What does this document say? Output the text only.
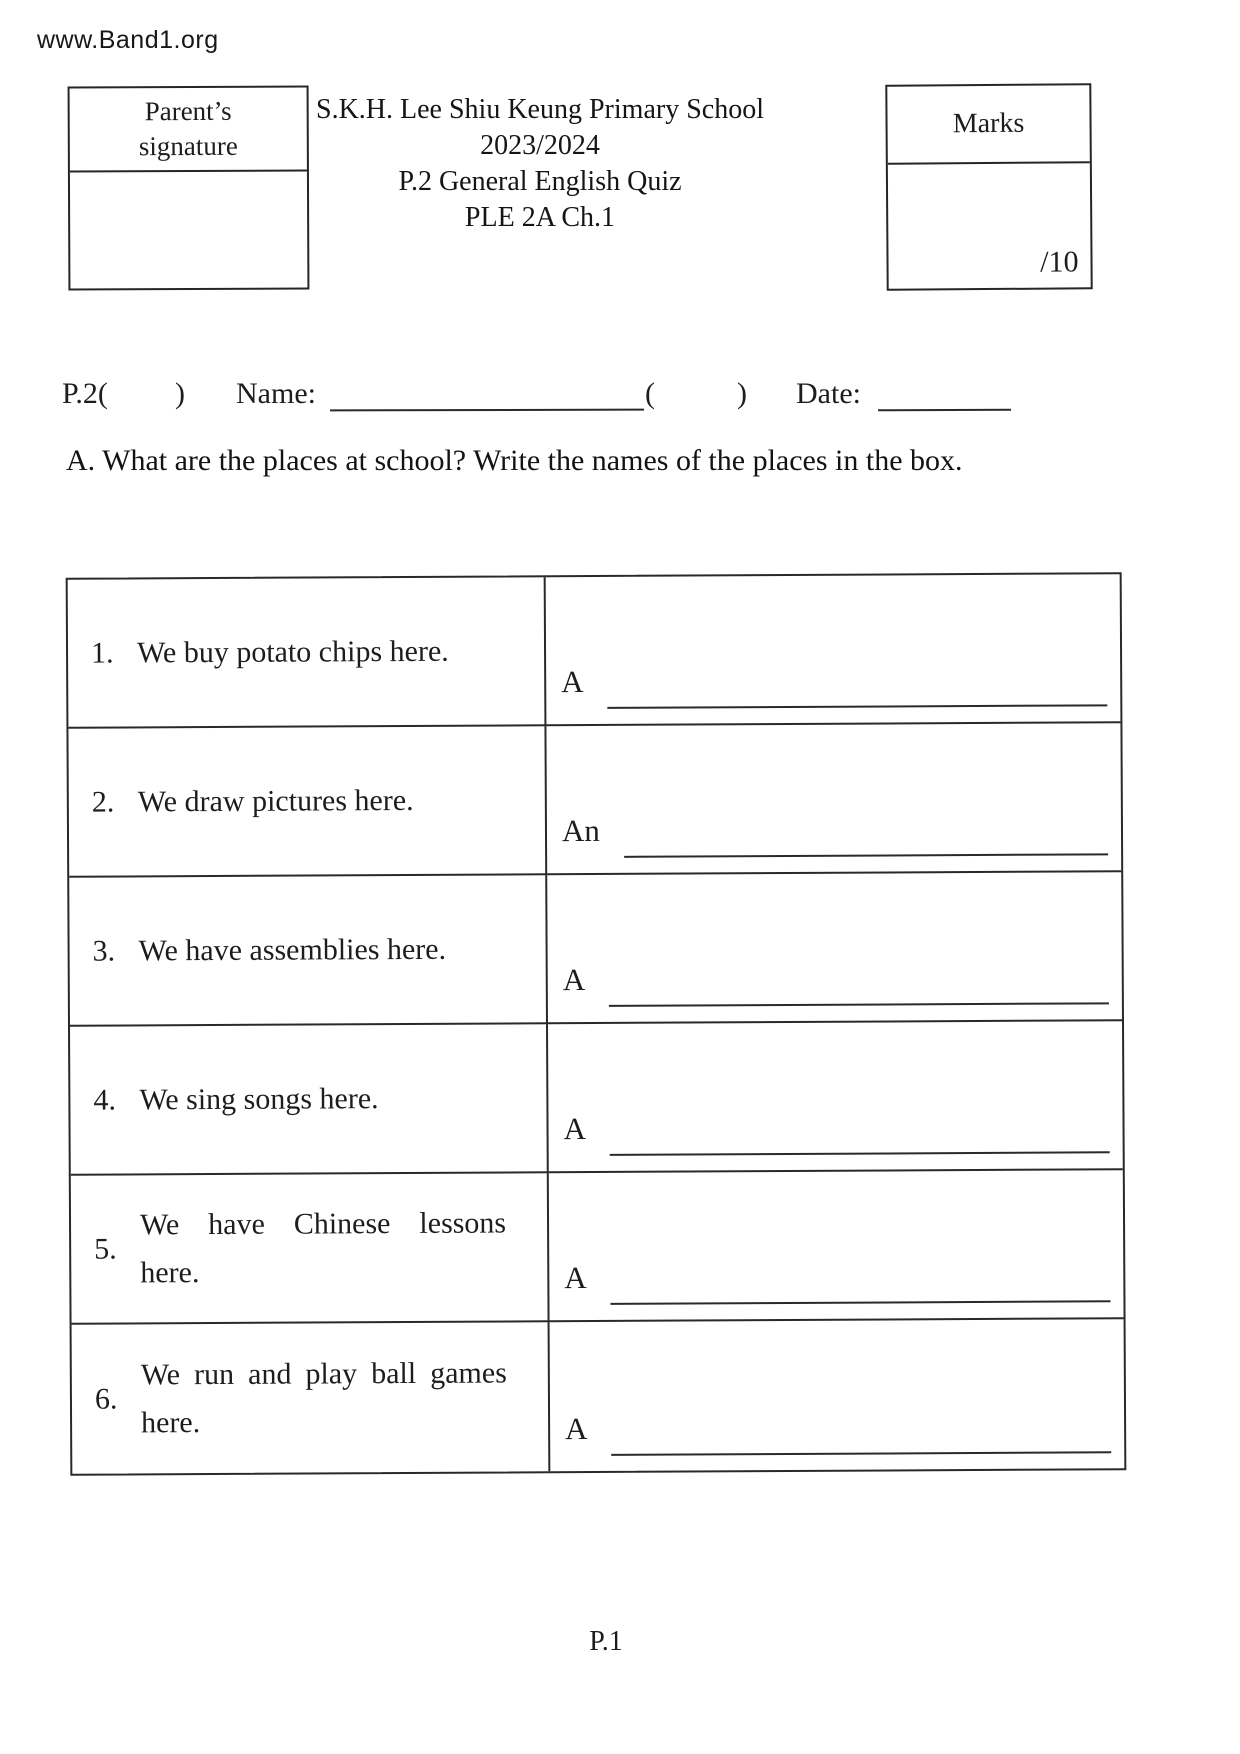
www.Band1.org
Parent’s signature
S.K.H. Lee Shiu Keung Primary School
2023/2024
P.2 General English Quiz
PLE 2A Ch.1
Marks
/10
P.2( ) Name:	(	) Date:
A. What are the places at school? Write the names of the places in the box.
1. We buy potato chips here.
A
2. We draw pictures here.
An
3. We have assemblies here.
A
4. We sing songs here.
A
5.
We have Chinese lessons here.	A
6.
We run and play ball games here.	A
P.1
